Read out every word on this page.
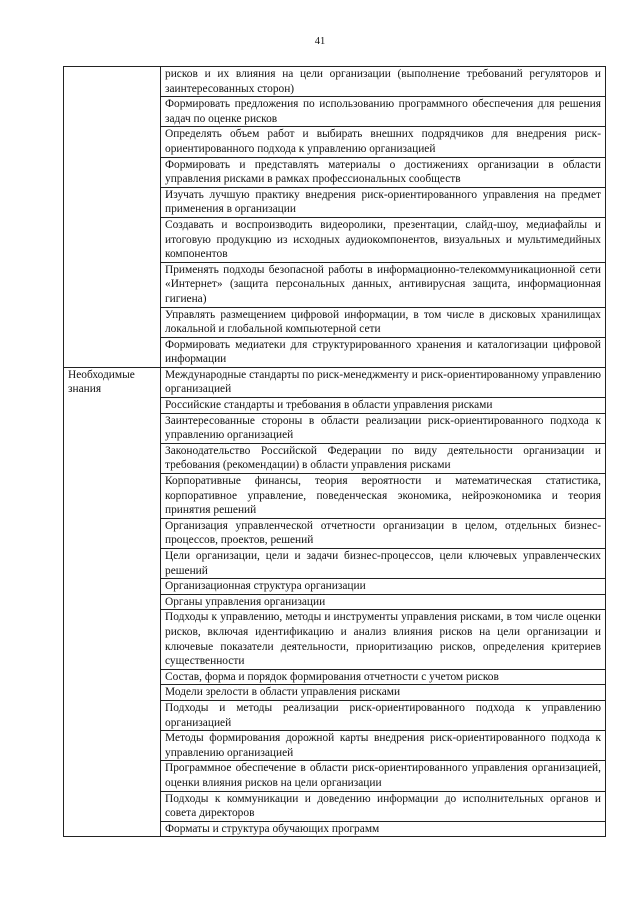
41
	рисков и их влияния на цели организации (выполнение требований регуляторов и заинтересованных сторон)
	Формировать предложения по использованию программного обеспечения для решения задач по оценке рисков
	Определять объем работ и выбирать внешних подрядчиков для внедрения риск-ориентированного подхода к управлению организацией
	Формировать и представлять материалы о достижениях организации в области управления рисками в рамках профессиональных сообществ
	Изучать лучшую практику внедрения риск-ориентированного управления на предмет применения в организации
	Создавать и воспроизводить видеоролики, презентации, слайд-шоу, медиафайлы и итоговую продукцию из исходных аудиокомпонентов, визуальных и мультимедийных компонентов
	Применять подходы безопасной работы в информационно-телекоммуникационной сети «Интернет» (защита персональных данных, антивирусная защита, информационная гигиена)
	Управлять размещением цифровой информации, в том числе в дисковых хранилищах локальной и глобальной компьютерной сети
	Формировать медиатеки для структурированного хранения и каталогизации цифровой информации
Необходимые знания	Международные стандарты по риск-менеджменту и риск-ориентированному управлению организацией
	Российские стандарты и требования в области управления рисками
	Заинтересованные стороны в области реализации риск-ориентированного подхода к управлению организацией
	Законодательство Российской Федерации по виду деятельности организации и требования (рекомендации) в области управления рисками
	Корпоративные финансы, теория вероятности и математическая статистика, корпоративное управление, поведенческая экономика, нейроэкономика и теория принятия решений
	Организация управленческой отчетности организации в целом, отдельных бизнес-процессов, проектов, решений
	Цели организации, цели и задачи бизнес-процессов, цели ключевых управленческих решений
	Организационная структура организации
	Органы управления организации
	Подходы к управлению, методы и инструменты управления рисками, в том числе оценки рисков, включая идентификацию и анализ влияния рисков на цели организации и ключевые показатели деятельности, приоритизацию рисков, определения критериев существенности
	Состав, форма и порядок формирования отчетности с учетом рисков
	Модели зрелости в области управления рисками
	Подходы и методы реализации риск-ориентированного подхода к управлению организацией
	Методы формирования дорожной карты внедрения риск-ориентированного подхода к управлению организацией
	Программное обеспечение в области риск-ориентированного управления организацией, оценки влияния рисков на цели организации
	Подходы к коммуникации и доведению информации до исполнительных органов и совета директоров
	Форматы и структура обучающих программ
